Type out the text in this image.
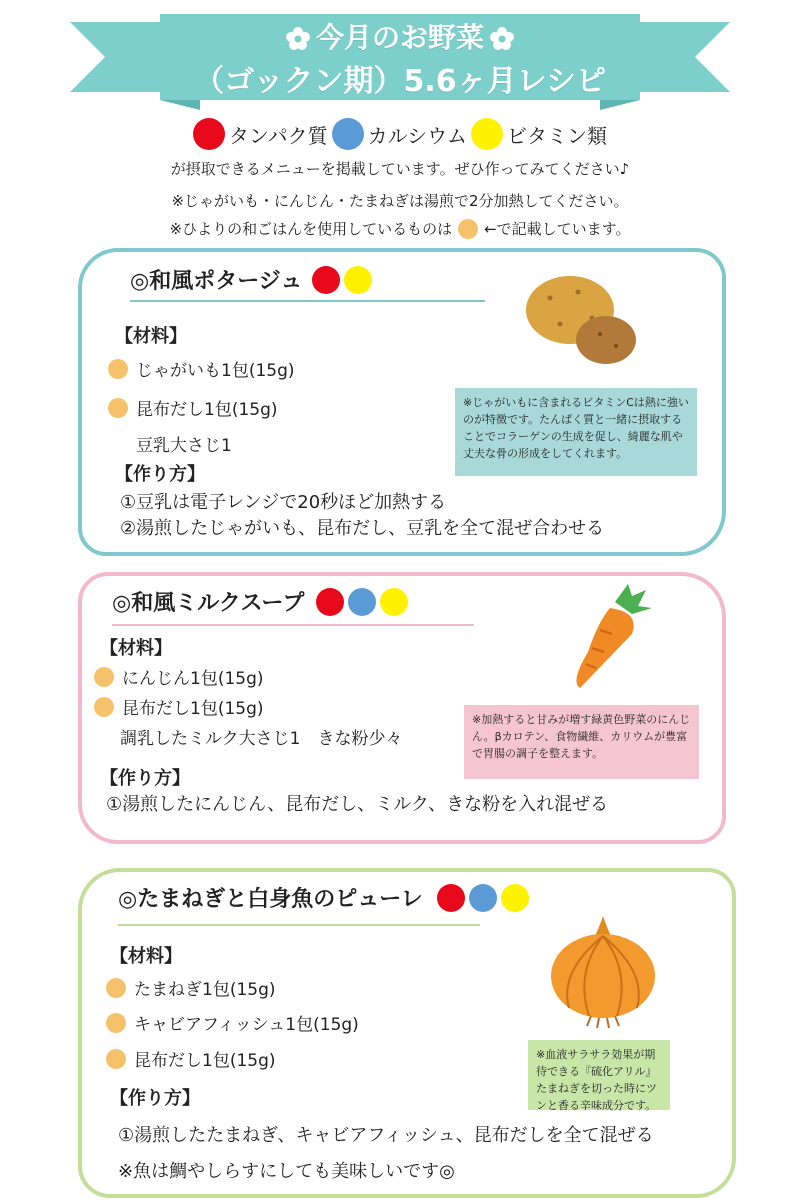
今月のお野菜
（ゴックン期）5.6ヶ月レシピ
タンパク質 カルシウム ビタミン類
が摂取できるメニューを掲載しています。ぜひ作ってみてください♪
※じゃがいも・にんじん・たまねぎは湯煎で2分加熱してください。
※ひよりの和ごはんを使用しているものは ←で記載しています。
◎和風ポタージュ
※じゃがいもに含まれるビタミンCは熱に強いのが特徴です。たんぱく質と一緒に摂取することでコラーゲンの生成を促し、綺麗な肌や丈夫な骨の形成をしてくれます。
【材料】
じゃがいも1包(15g)
昆布だし1包(15g)
豆乳大さじ1
【作り方】
①豆乳は電子レンジで20秒ほど加熱する
②湯煎したじゃがいも、昆布だし、豆乳を全て混ぜ合わせる
◎和風ミルクスープ
※加熱すると甘みが増す緑黄色野菜のにんじん。βカロテン、食物繊維、カリウムが豊富で胃腸の調子を整えます。
【材料】
にんじん1包(15g)
昆布だし1包(15g)
調乳したミルク大さじ1　きな粉少々
【作り方】
①湯煎したにんじん、昆布だし、ミルク、きな粉を入れ混ぜる
◎たまねぎと白身魚のピューレ
※血液サラサラ効果が期待できる『硫化アリル』たまねぎを切った時にツンと香る辛味成分です。
【材料】
たまねぎ1包(15g)
キャビアフィッシュ1包(15g)
昆布だし1包(15g)
【作り方】
①湯煎したたまねぎ、キャビアフィッシュ、昆布だしを全て混ぜる
※魚は鯛やしらすにしても美味しいです◎
